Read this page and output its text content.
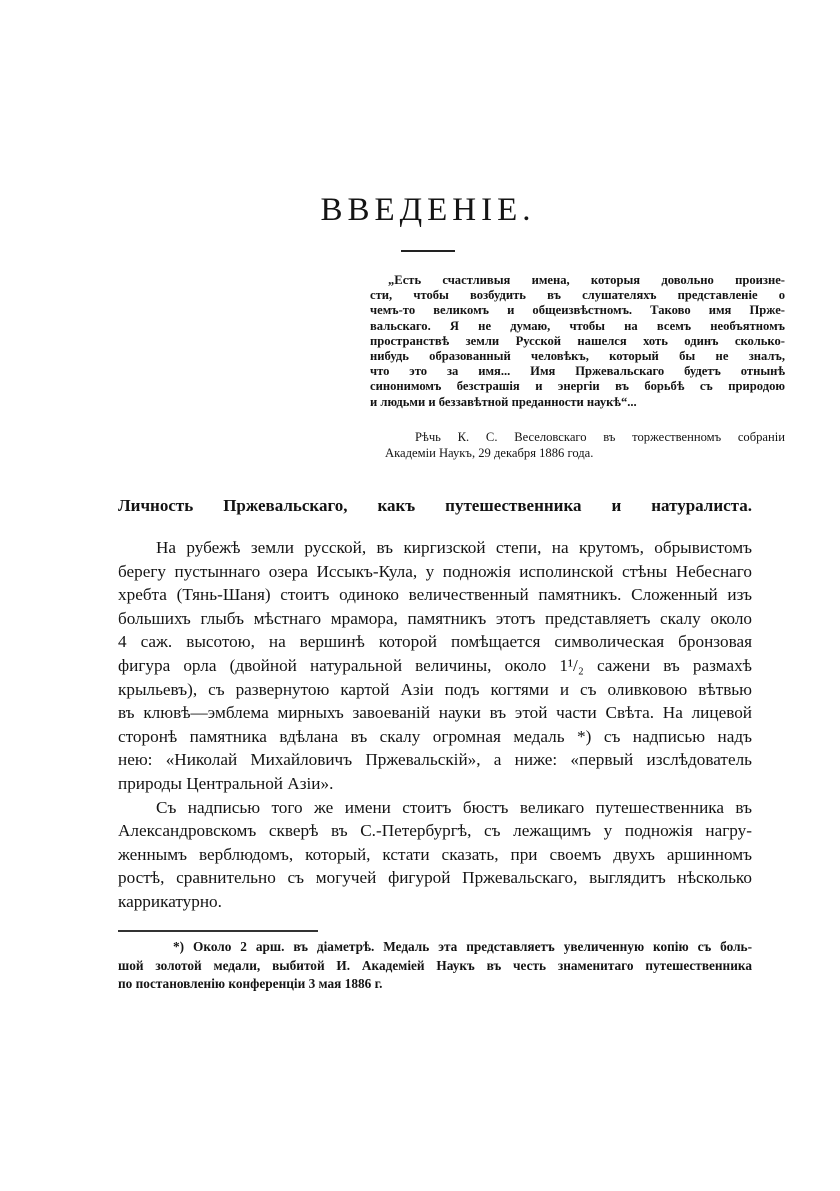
ВВЕДЕНІЕ.
„Есть счастливыя имена, которыя довольно произне-
сти, чтобы возбудить въ слушателяхъ представленіе о
чемъ-то великомъ и общеизвѣстномъ. Таково имя Прже-
вальскаго. Я не думаю, чтобы на всемъ необъятномъ
пространствѣ земли Русской нашелся хоть одинъ сколько-
нибудь образованный человѣкъ, который бы не зналъ,
что это за имя... Имя Пржевальскаго будетъ отнынѣ
синонимомъ безстрашія и энергіи въ борьбѣ съ природою
и людьми и беззавѣтной преданности наукѣ“...
Рѣчь К. С. Веселовскаго въ торжественномъ собраніи
Академіи Наукъ, 29 декабря 1886 года.
Личность Пржевальскаго, какъ путешественника и натуралиста.
На рубежѣ земли русской, въ киргизской степи, на крутомъ, обрывистомъ
берегу пустыннаго озера Иссыкъ-Кула, у подножія исполинской стѣны Небеснаго
хребта (Тянь-Шаня) стоитъ одиноко величественный памятникъ. Сложенный изъ
большихъ глыбъ мѣстнаго мрамора, памятникъ этотъ представляетъ скалу около
4 саж. высотою, на вершинѣ которой помѣщается символическая бронзовая
фигура орла (двойной натуральной величины, около 1¹/₂ сажени въ размахѣ
крыльевъ), съ развернутою картой Азіи подъ когтями и съ оливковою вѣтвью
въ клювѣ—эмблема мирныхъ завоеваній науки въ этой части Свѣта. На лицевой
сторонѣ памятника вдѣлана въ скалу огромная медаль *) съ надписью надъ
нею: «Николай Михайловичъ Пржевальскій», а ниже: «первый изслѣдователь
природы Центральной Азіи».
Съ надписью того же имени стоитъ бюстъ великаго путешественника въ
Александровскомъ скверѣ въ С.-Петербургѣ, съ лежащимъ у подножія нагру-
женнымъ верблюдомъ, который, кстати сказать, при своемъ двухъ аршинномъ
ростѣ, сравнительно съ могучей фигурой Пржевальскаго, выглядитъ нѣсколько
каррикатурно.
*) Около 2 арш. въ діаметрѣ. Медаль эта представляетъ увеличенную копію съ боль-
шой золотой медали, выбитой И. Академіей Наукъ въ честь знаменитаго путешественника
по постановленію конференціи 3 мая 1886 г.
